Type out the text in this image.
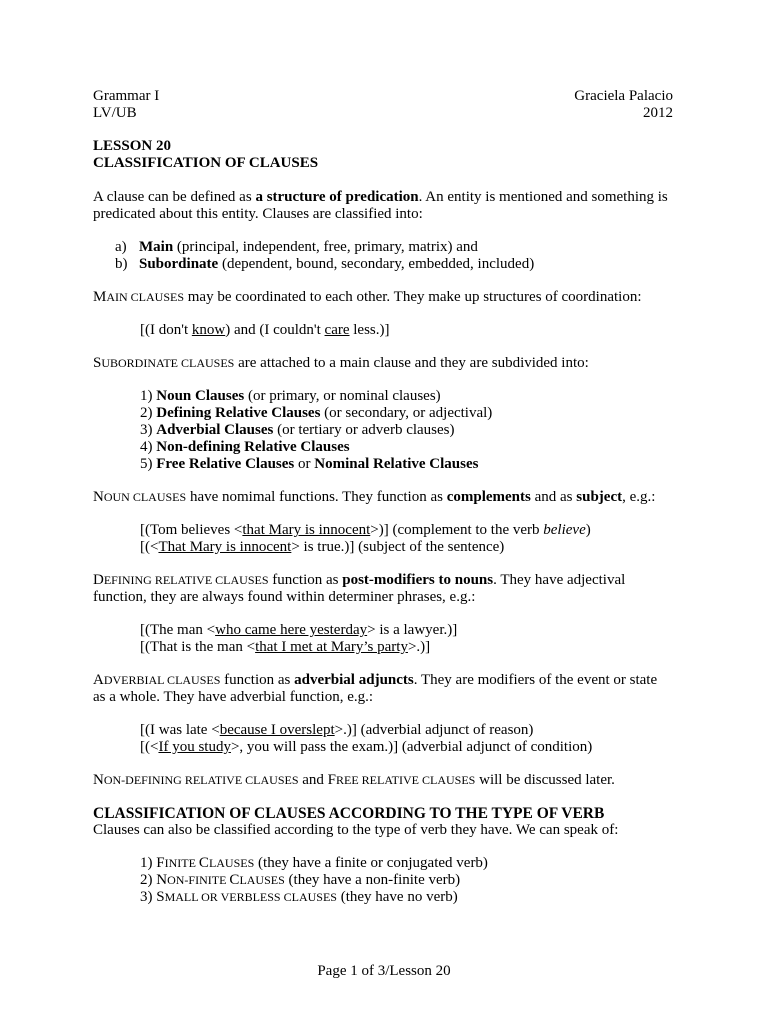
Grammar I	Graciela Palacio
LV/UB	2012

LESSON 20

CLASSIFICATION OF CLAUSES

A clause can be defined as a structure of predication. An entity is mentioned and something is predicated about this entity. Clauses are classified into:

a) Main (principal, independent, free, primary, matrix) and
b) Subordinate (dependent, bound, secondary, embedded, included)

MAIN CLAUSES may be coordinated to each other. They make up structures of coordination:

[(I don't know) and (I couldn't care less.)]

SUBORDINATE CLAUSES are attached to a main clause and they are subdivided into:

1) Noun Clauses (or primary, or nominal clauses)
2) Defining Relative Clauses (or secondary, or adjectival)
3) Adverbial Clauses (or tertiary or adverb clauses)
4) Non-defining Relative Clauses
5) Free Relative Clauses or Nominal Relative Clauses

NOUN CLAUSES have nomimal functions. They function as complements and as subject, e.g.:

[(Tom believes <that Mary is innocent>)] (complement to the verb believe)
[(<That Mary is innocent> is true.)] (subject of the sentence)

DEFINING RELATIVE CLAUSES function as post-modifiers to nouns. They have adjectival function, they are always found within determiner phrases, e.g.:

[(The man <who came here yesterday> is a lawyer.)]
[(That is the man <that I met at Mary’s party>.)]

ADVERBIAL CLAUSES function as adverbial adjuncts. They are modifiers of the event or state as a whole. They have adverbial function, e.g.:

[(I was late <because I overslept>.)] (adverbial adjunct of reason)
[(<If you study>, you will pass the exam.)] (adverbial adjunct of condition)

NON-DEFINING RELATIVE CLAUSES and FREE RELATIVE CLAUSES will be discussed later.

CLASSIFICATION OF CLAUSES ACCORDING TO THE TYPE OF VERB

Clauses can also be classified according to the type of verb they have. We can speak of:

1) FINITE CLAUSES (they have a finite or conjugated verb)
2) NON-FINITE CLAUSES (they have a non-finite verb)
3) SMALL OR VERBLESS CLAUSES (they have no verb)
Page 1 of 3/Lesson 20
